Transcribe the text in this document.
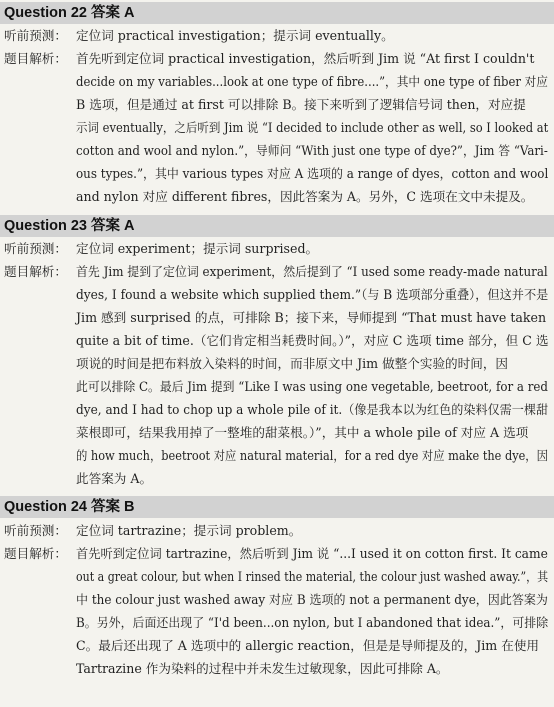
Question 22 答案 A
听前预测： 定位词 practical investigation；提示词 eventually。
题目解析： 首先听到定位词 practical investigation，然后听到 Jim 说 “At first I couldn't
decide on my variables...look at one type of fibre....”，其中 one type of fiber 对应
B 选项，但是通过 at first 可以排除 B。接下来听到了逻辑信号词 then，对应提
示词 eventually，之后听到 Jim 说 “I decided to include other as well, so I looked at
cotton and wool and nylon.”，导师问 “With just one type of dye?”，Jim 答 “Vari-
ous types.”，其中 various types 对应 A 选项的 a range of dyes，cotton and wool
and nylon 对应 different fibres，因此答案为 A。另外，C 选项在文中未提及。
Question 23 答案 A
听前预测： 定位词 experiment；提示词 surprised。
题目解析： 首先 Jim 提到了定位词 experiment，然后提到了 “I used some ready-made natural
dyes, I found a website which supplied them.”（与 B 选项部分重叠），但这并不是
Jim 感到 surprised 的点，可排除 B；接下来，导师提到 “That must have taken
quite a bit of time.（它们肯定相当耗费时间。）”，对应 C 选项 time 部分，但 C 选
项说的时间是把布料放入染料的时间，而非原文中 Jim 做整个实验的时间，因
此可以排除 C。最后 Jim 提到 “Like I was using one vegetable, beetroot, for a red
dye, and I had to chop up a whole pile of it.（像是我本以为红色的染料仅需一棵甜
菜根即可，结果我用掉了一整堆的甜菜根。）”，其中 a whole pile of 对应 A 选项
的 how much，beetroot 对应 natural material，for a red dye 对应 make the dye，因
此答案为 A。
Question 24 答案 B
听前预测： 定位词 tartrazine；提示词 problem。
题目解析： 首先听到定位词 tartrazine，然后听到 Jim 说 “...I used it on cotton first. It came
out a great colour, but when I rinsed the material, the colour just washed away.”，其
中 the colour just washed away 对应 B 选项的 not a permanent dye，因此答案为
B。另外，后面还出现了 “I'd been...on nylon, but I abandoned that idea.”，可排除
C。最后还出现了 A 选项中的 allergic reaction，但是是导师提及的，Jim 在使用
Tartrazine 作为染料的过程中并未发生过敏现象，因此可排除 A。
